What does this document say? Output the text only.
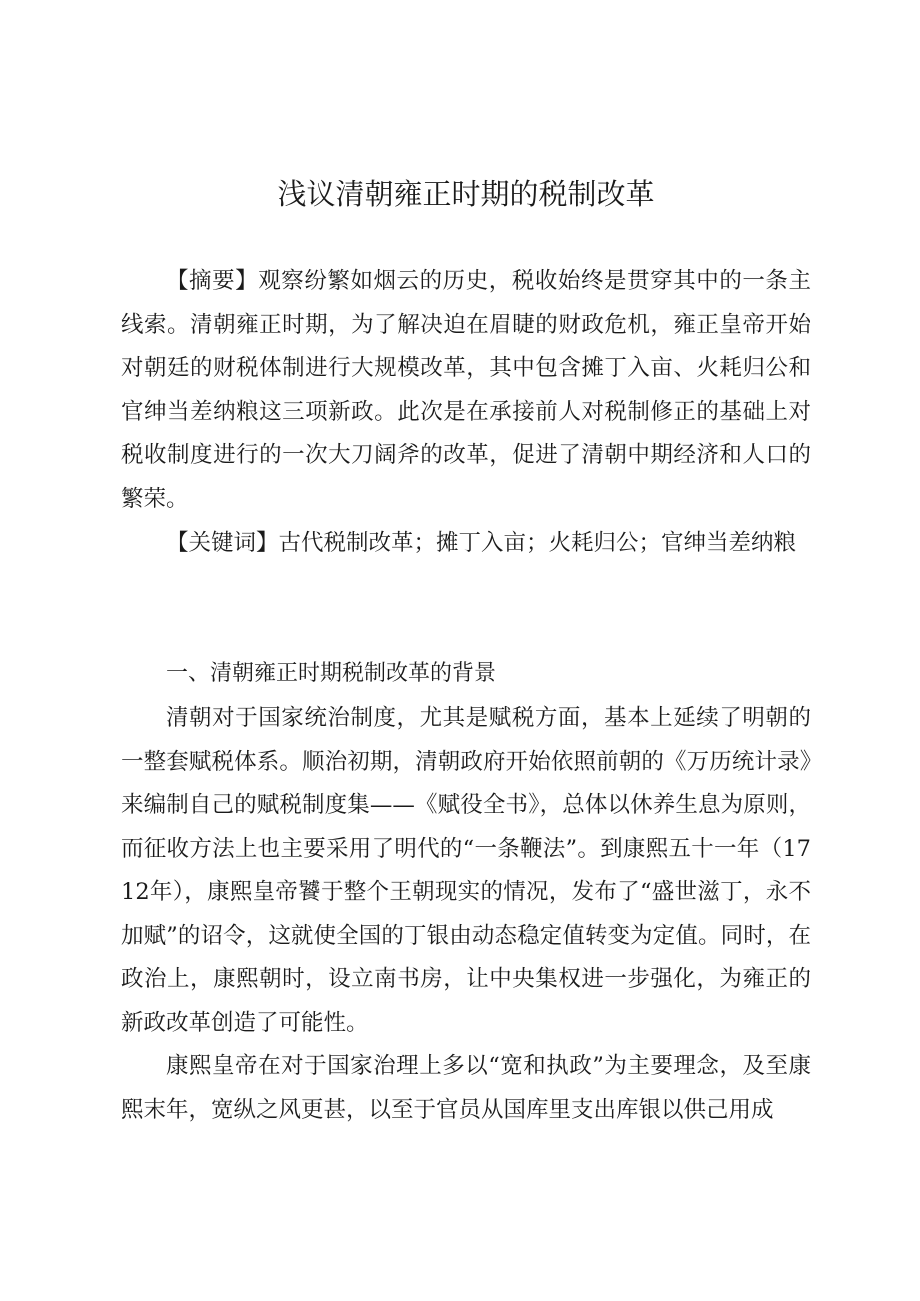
浅议清朝雍正时期的税制改革

【摘要】观察纷繁如烟云的历史，税收始终是贯穿其中的一条主线索。清朝雍正时期，为了解决迫在眉睫的财政危机，雍正皇帝开始对朝廷的财税体制进行大规模改革，其中包含摊丁入亩、火耗归公和官绅当差纳粮这三项新政。此次是在承接前人对税制修正的基础上对税收制度进行的一次大刀阔斧的改革，促进了清朝中期经济和人口的繁荣。

【关键词】古代税制改革；摊丁入亩；火耗归公；官绅当差纳粮

一、清朝雍正时期税制改革的背景

清朝对于国家统治制度，尤其是赋税方面，基本上延续了明朝的一整套赋税体系。顺治初期，清朝政府开始依照前朝的《万历统计录》来编制自己的赋税制度集——《赋役全书》，总体以休养生息为原则，而征收方法上也主要采用了明代的“一条鞭法”。到康熙五十一年（1712年），康熙皇帝饕于整个王朝现实的情况，发布了“盛世滋丁，永不加赋”的诏令，这就使全国的丁银由动态稳定值转变为定值。同时，在政治上，康熙朝时，设立南书房，让中央集权进一步强化，为雍正的新政改革创造了可能性。

康熙皇帝在对于国家治理上多以“宽和执政”为主要理念，及至康熙末年，宽纵之风更甚，以至于官员从国库里支出库银以供己用成
